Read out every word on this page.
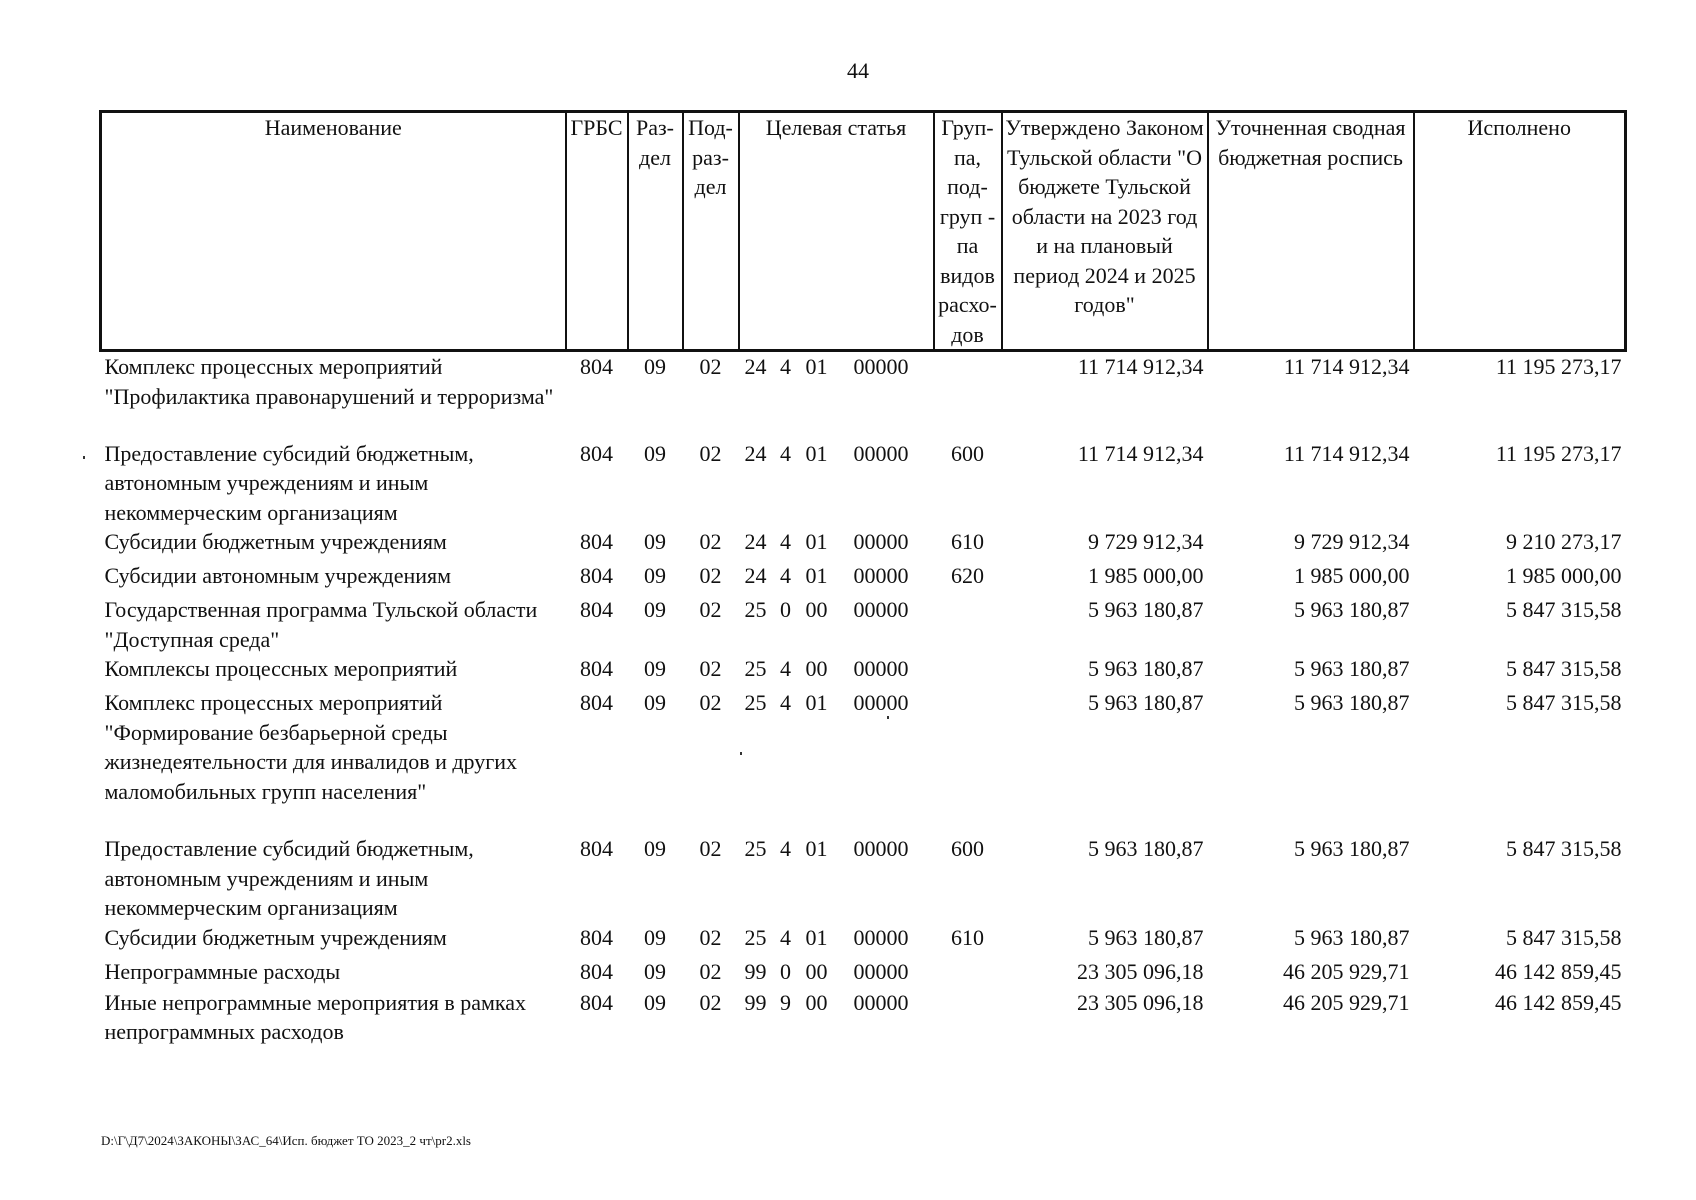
44
Наименование	ГРБС	Раз- дел	Под- раз- дел	Целевая статья	Груп- па, под- груп - па видов расхо- дов	Утверждено Законом Тульской области "О бюджете Тульской области на 2023 год и на плановый период 2024 и 2025 годов"	Уточненная сводная бюджетная роспись	Исполнено
Комплекс процессных мероприятий "Профилактика правонарушений и терроризма"	804	09	02	24 4 01 00000		11 714 912,34	11 714 912,34	11 195 273,17
Предоставление субсидий бюджетным, автономным учреждениям и иным некоммерческим организациям	804	09	02	24 4 01 00000	600	11 714 912,34	11 714 912,34	11 195 273,17
Субсидии бюджетным учреждениям	804	09	02	24 4 01 00000	610	9 729 912,34	9 729 912,34	9 210 273,17
Субсидии автономным учреждениям	804	09	02	24 4 01 00000	620	1 985 000,00	1 985 000,00	1 985 000,00
Государственная программа Тульской области "Доступная среда"	804	09	02	25 0 00 00000		5 963 180,87	5 963 180,87	5 847 315,58
Комплексы процессных мероприятий	804	09	02	25 4 00 00000		5 963 180,87	5 963 180,87	5 847 315,58
Комплекс процессных мероприятий "Формирование безбарьерной среды жизнедеятельности для инвалидов и других маломобильных групп населения"	804	09	02	25 4 01 00000		5 963 180,87	5 963 180,87	5 847 315,58
Предоставление субсидий бюджетным, автономным учреждениям и иным некоммерческим организациям	804	09	02	25 4 01 00000	600	5 963 180,87	5 963 180,87	5 847 315,58
Субсидии бюджетным учреждениям	804	09	02	25 4 01 00000	610	5 963 180,87	5 963 180,87	5 847 315,58
Непрограммные расходы	804	09	02	99 0 00 00000		23 305 096,18	46 205 929,71	46 142 859,45
Иные непрограммные мероприятия в рамках непрограммных расходов	804	09	02	99 9 00 00000		23 305 096,18	46 205 929,71	46 142 859,45
D:\Г\Д7\2024\ЗАКОНЫ\ЗАС_64\Исп. бюджет ТО 2023_2 чт\pr2.xls
